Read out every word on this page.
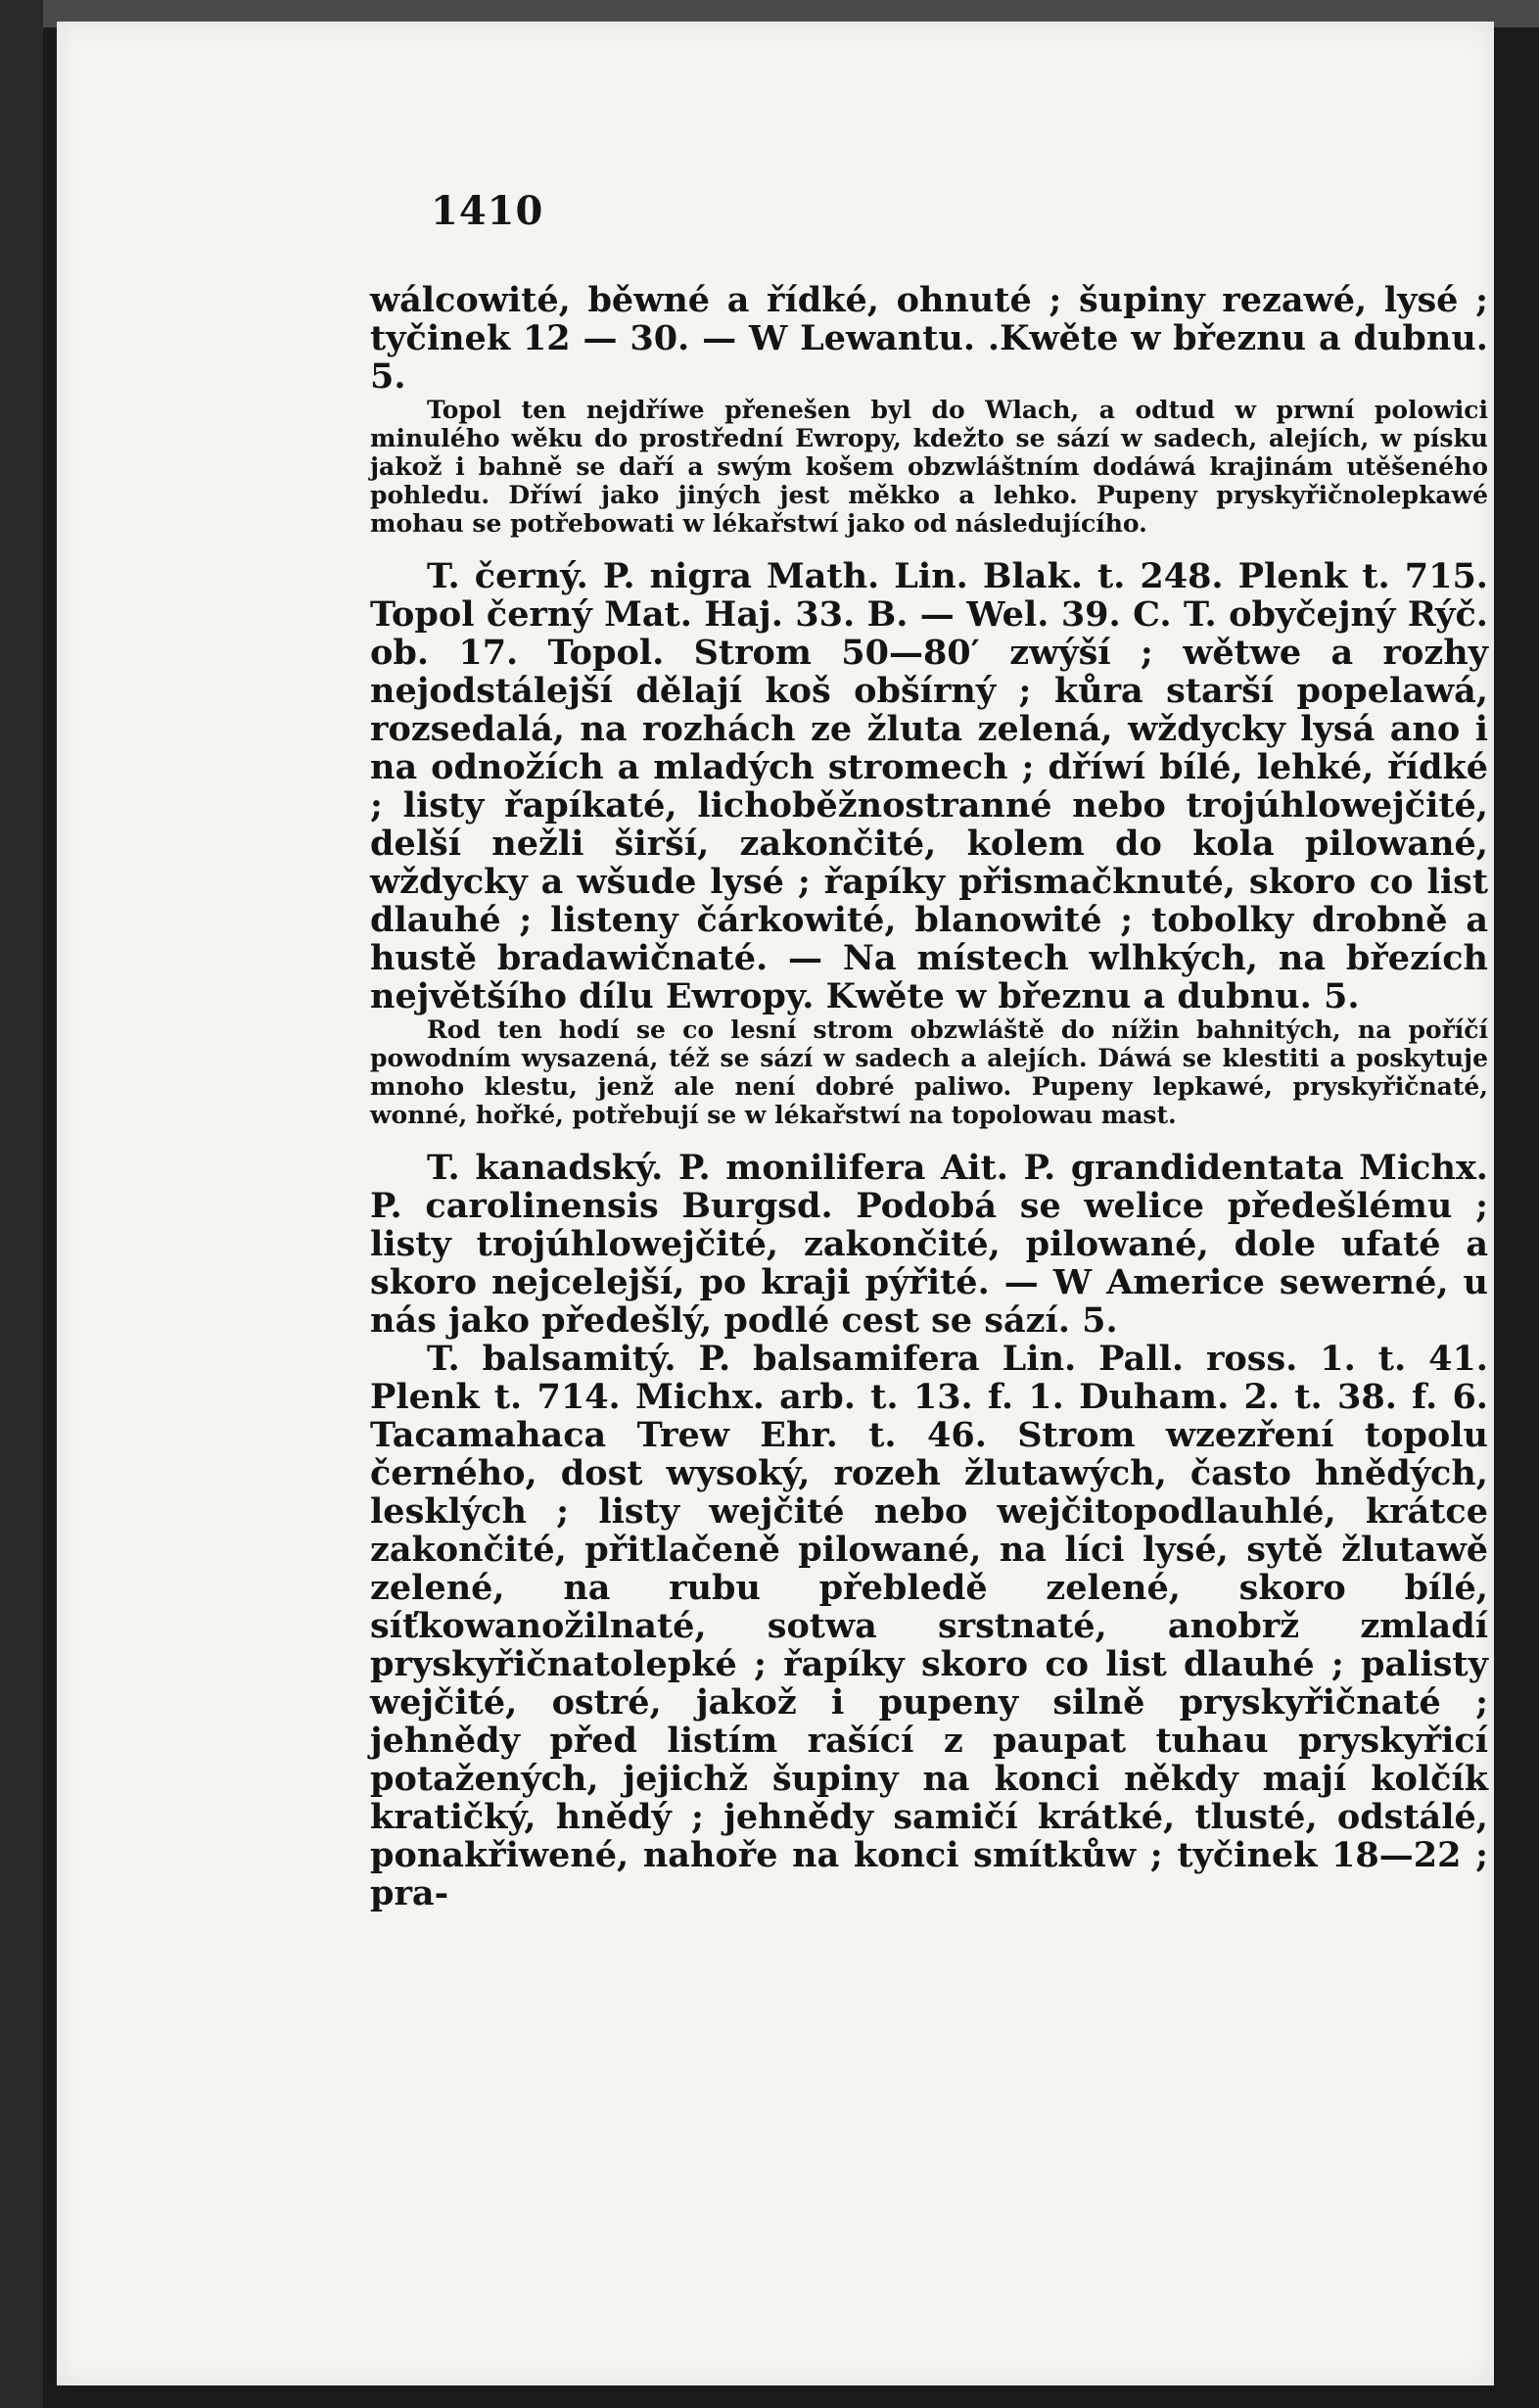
1410

wálcowité, běwné a řídké, ohnuté ; šupiny rezawé, lysé ; tyčinek 12 — 30. — W Lewantu. .Kwěte w březnu a dubnu. 5.

Topol ten nejdříwe přenešen byl do Wlach, a odtud w prwní polowici minulého wěku do prostřední Ewropy, kdežto se sází w sadech, alejích, w písku jakož i bahně se daří a swým košem obzwláštním dodáwá krajinám utěšeného pohledu. Dříwí jako jiných jest měkko a lehko. Pupeny pryskyřičnolepkawé mohau se potřebowati w lékařstwí jako od následujícího.

T. černý. P. nigra Math. Lin. Blak. t. 248. Plenk t. 715. Topol černý Mat. Haj. 33. B. — Wel. 39. C. T. obyčejný Rýč. ob. 17. Topol. Strom 50—80′ zwýší ; wětwe a rozhy nejodstálejší dělají koš obšírný ; kůra starší popelawá, rozsedalá, na rozhách ze žluta zelená, wždycky lysá ano i na odnožích a mladých stromech ; dříwí bílé, lehké, řídké ; listy řapíkaté, lichoběžnostranné nebo trojúhlowejčité, delší nežli širší, zakončité, kolem do kola pilowané, wždycky a wšude lysé ; řapíky přismačknuté, skoro co list dlauhé ; listeny čárkowité, blanowité ; tobolky drobně a hustě bradawičnaté. — Na místech wlhkých, na březích největšího dílu Ewropy. Kwěte w březnu a dubnu. 5.

Rod ten hodí se co lesní strom obzwláště do nížin bahnitých, na poříčí powodním wysazená, též se sází w sadech a alejích. Dáwá se klestiti a poskytuje mnoho klestu, jenž ale není dobré paliwo. Pupeny lepkawé, pryskyřičnaté, wonné, hořké, potřebují se w lékařstwí na topolowau mast.

T. kanadský. P. monilifera Ait. P. grandidentata Michx. P. carolinensis Burgsd. Podobá se welice předešlému ; listy trojúhlowejčité, zakončité, pilowané, dole ufaté a skoro nejcelejší, po kraji pýřité. — W Americe sewerné, u nás jako předešlý, podlé cest se sází. 5.

T. balsamitý. P. balsamifera Lin. Pall. ross. 1. t. 41. Plenk t. 714. Michx. arb. t. 13. f. 1. Duham. 2. t. 38. f. 6. Tacamahaca Trew Ehr. t. 46. Strom wzezření topolu černého, dost wysoký, rozeh žlutawých, často hnědých, lesklých ; listy wejčité nebo wejčitopodlauhlé, krátce zakončité, přitlačeně pilowané, na líci lysé, sytě žlutawě zelené, na rubu přebledě zelené, skoro bílé, síťkowanožilnaté, sotwa srstnaté, anobrž zmladí pryskyřičnatolepké ; řapíky skoro co list dlauhé ; palisty wejčité, ostré, jakož i pupeny silně pryskyřičnaté ; jehnědy před listím rašící z paupat tuhau pryskyřicí potažených, jejichž šupiny na konci někdy mají kolčík kratičký, hnědý ; jehnědy samičí krátké, tlusté, odstálé, ponakřiwené, nahoře na konci smítkůw ; tyčinek 18—22 ; pra-
